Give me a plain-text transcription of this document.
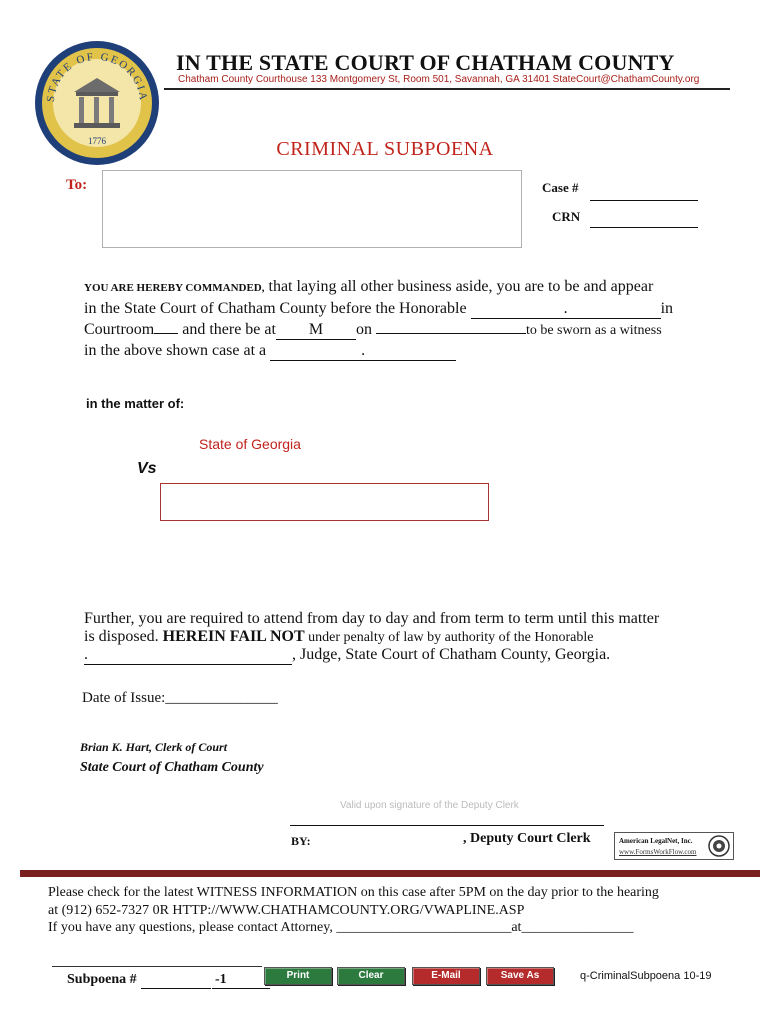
STATE OF GEORGIA
1776
IN THE STATE COURT OF CHATHAM COUNTY
Chatham County Courthouse 133 Montgomery St, Room 501, Savannah, GA 31401 StateCourt@ChathamCounty.org
CRIMINAL SUBPOENA
To:	Case #
CRN
YOU ARE HEREBY COMMANDED, that laying all other business aside, you are to be and appear
in the State Court of Chatham County before the Honorable	.	in
Courtroom and there be at M on	to be sworn as a witness
in the above shown case at a	.
in the matter of:
State of Georgia
Vs
Further, you are required to attend from day to day and from term to term until this matter
is disposed. HEREIN FAIL NOT under penalty of law by authority of the Honorable
.	, Judge, State Court of Chatham County, Georgia.
Date of Issue:_______________
Brian K. Hart, Clerk of Court
State Court of Chatham County
Valid upon signature of the Deputy Clerk
BY:	, Deputy Court Clerk	American LegalNet, Inc.
www.FormsWorkFlow.com
Please check for the latest WITNESS INFORMATION on this case after 5PM on the day prior to the hearing
at (912) 652-7327 0R HTTP://WWW.CHATHAMCOUNTY.ORG/VWAPLINE.ASP
If you have any questions, please contact Attorney, _________________________at________________
Subpoena #	-1	Print	Clear	E-Mail	Save As	q-CriminalSubpoena 10-19
